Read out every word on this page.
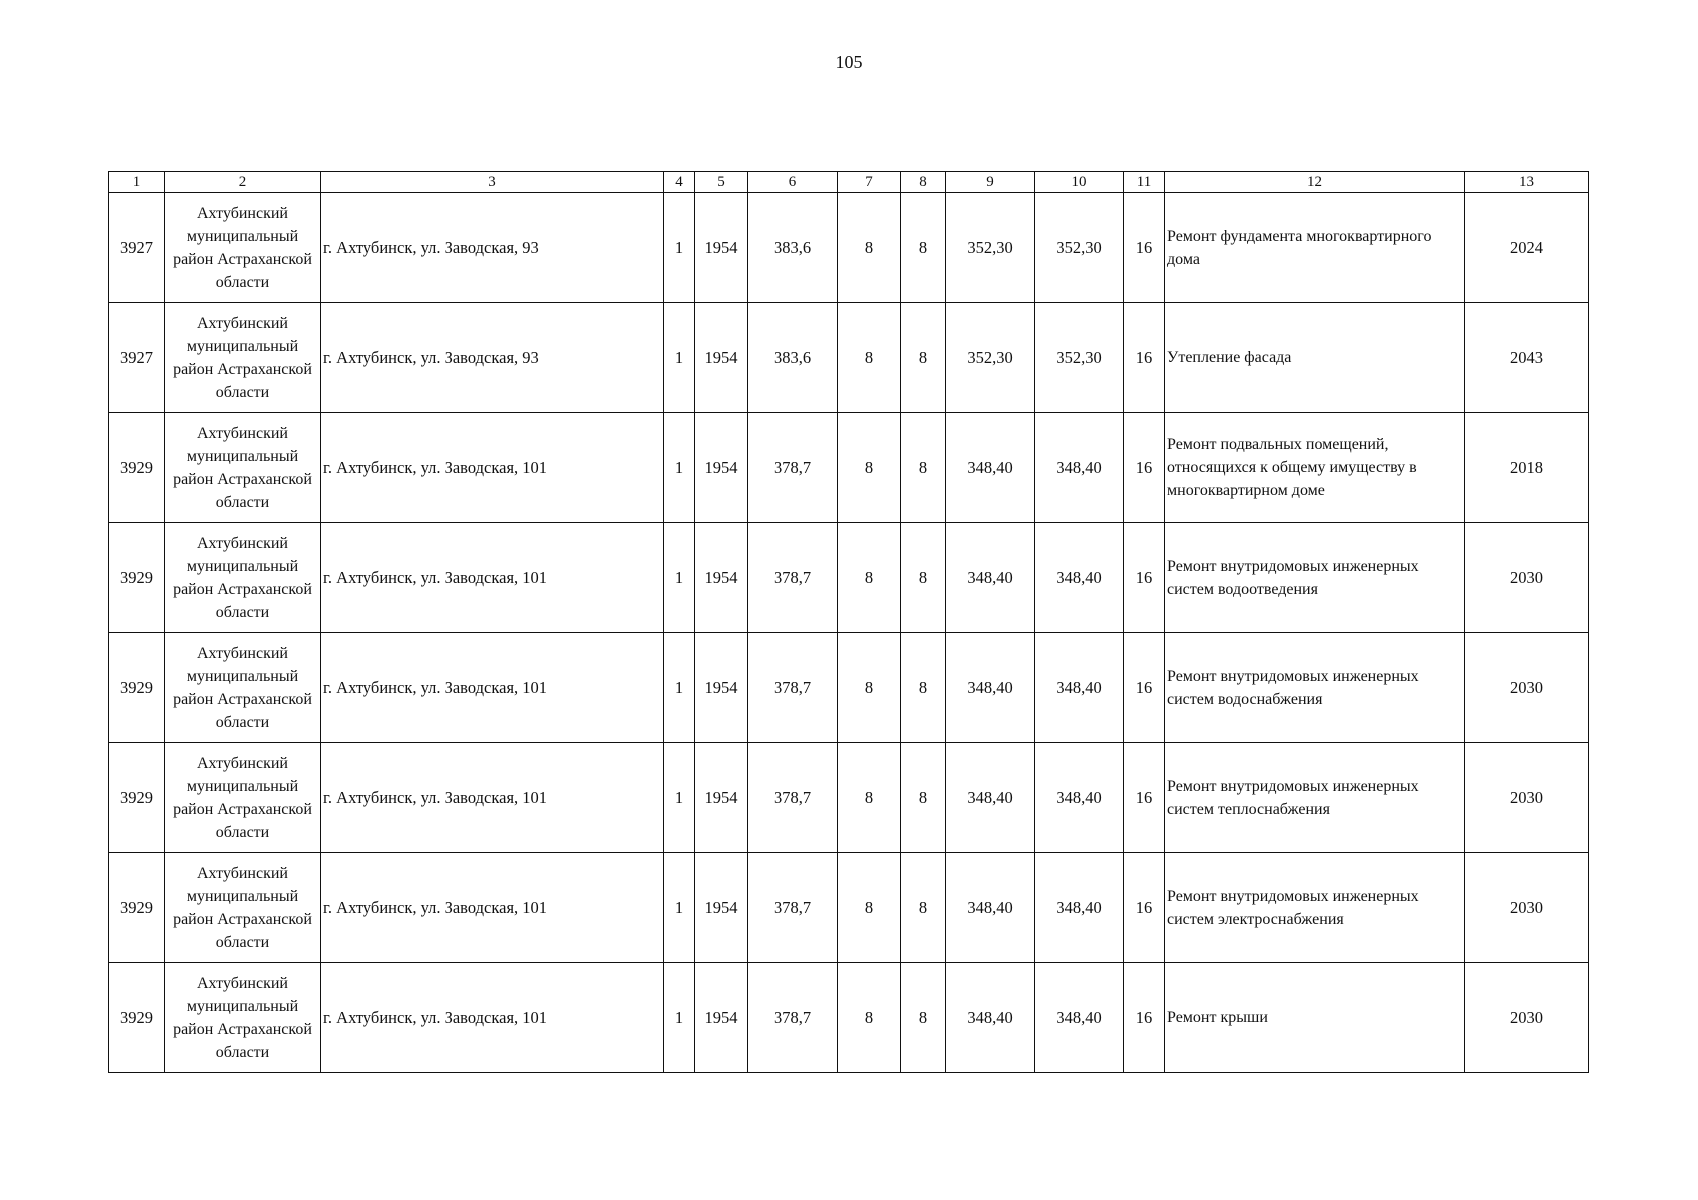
105
1	2	3	4	5	6	7	8	9	10	11	12	13
3927	Ахтубинский муниципальный район Астраханской области	г. Ахтубинск, ул. Заводская, 93	1	1954	383,6	8	8	352,30	352,30	16	Ремонт фундамента многоквартирного дома	2024
3927	Ахтубинский муниципальный район Астраханской области	г. Ахтубинск, ул. Заводская, 93	1	1954	383,6	8	8	352,30	352,30	16	Утепление фасада	2043
3929	Ахтубинский муниципальный район Астраханской области	г. Ахтубинск, ул. Заводская, 101	1	1954	378,7	8	8	348,40	348,40	16	Ремонт подвальных помещений, относящихся к общему имуществу в многоквартирном доме	2018
3929	Ахтубинский муниципальный район Астраханской области	г. Ахтубинск, ул. Заводская, 101	1	1954	378,7	8	8	348,40	348,40	16	Ремонт внутридомовых инженерных систем водоотведения	2030
3929	Ахтубинский муниципальный район Астраханской области	г. Ахтубинск, ул. Заводская, 101	1	1954	378,7	8	8	348,40	348,40	16	Ремонт внутридомовых инженерных систем водоснабжения	2030
3929	Ахтубинский муниципальный район Астраханской области	г. Ахтубинск, ул. Заводская, 101	1	1954	378,7	8	8	348,40	348,40	16	Ремонт внутридомовых инженерных систем теплоснабжения	2030
3929	Ахтубинский муниципальный район Астраханской области	г. Ахтубинск, ул. Заводская, 101	1	1954	378,7	8	8	348,40	348,40	16	Ремонт внутридомовых инженерных систем электроснабжения	2030
3929	Ахтубинский муниципальный район Астраханской области	г. Ахтубинск, ул. Заводская, 101	1	1954	378,7	8	8	348,40	348,40	16	Ремонт крыши	2030
